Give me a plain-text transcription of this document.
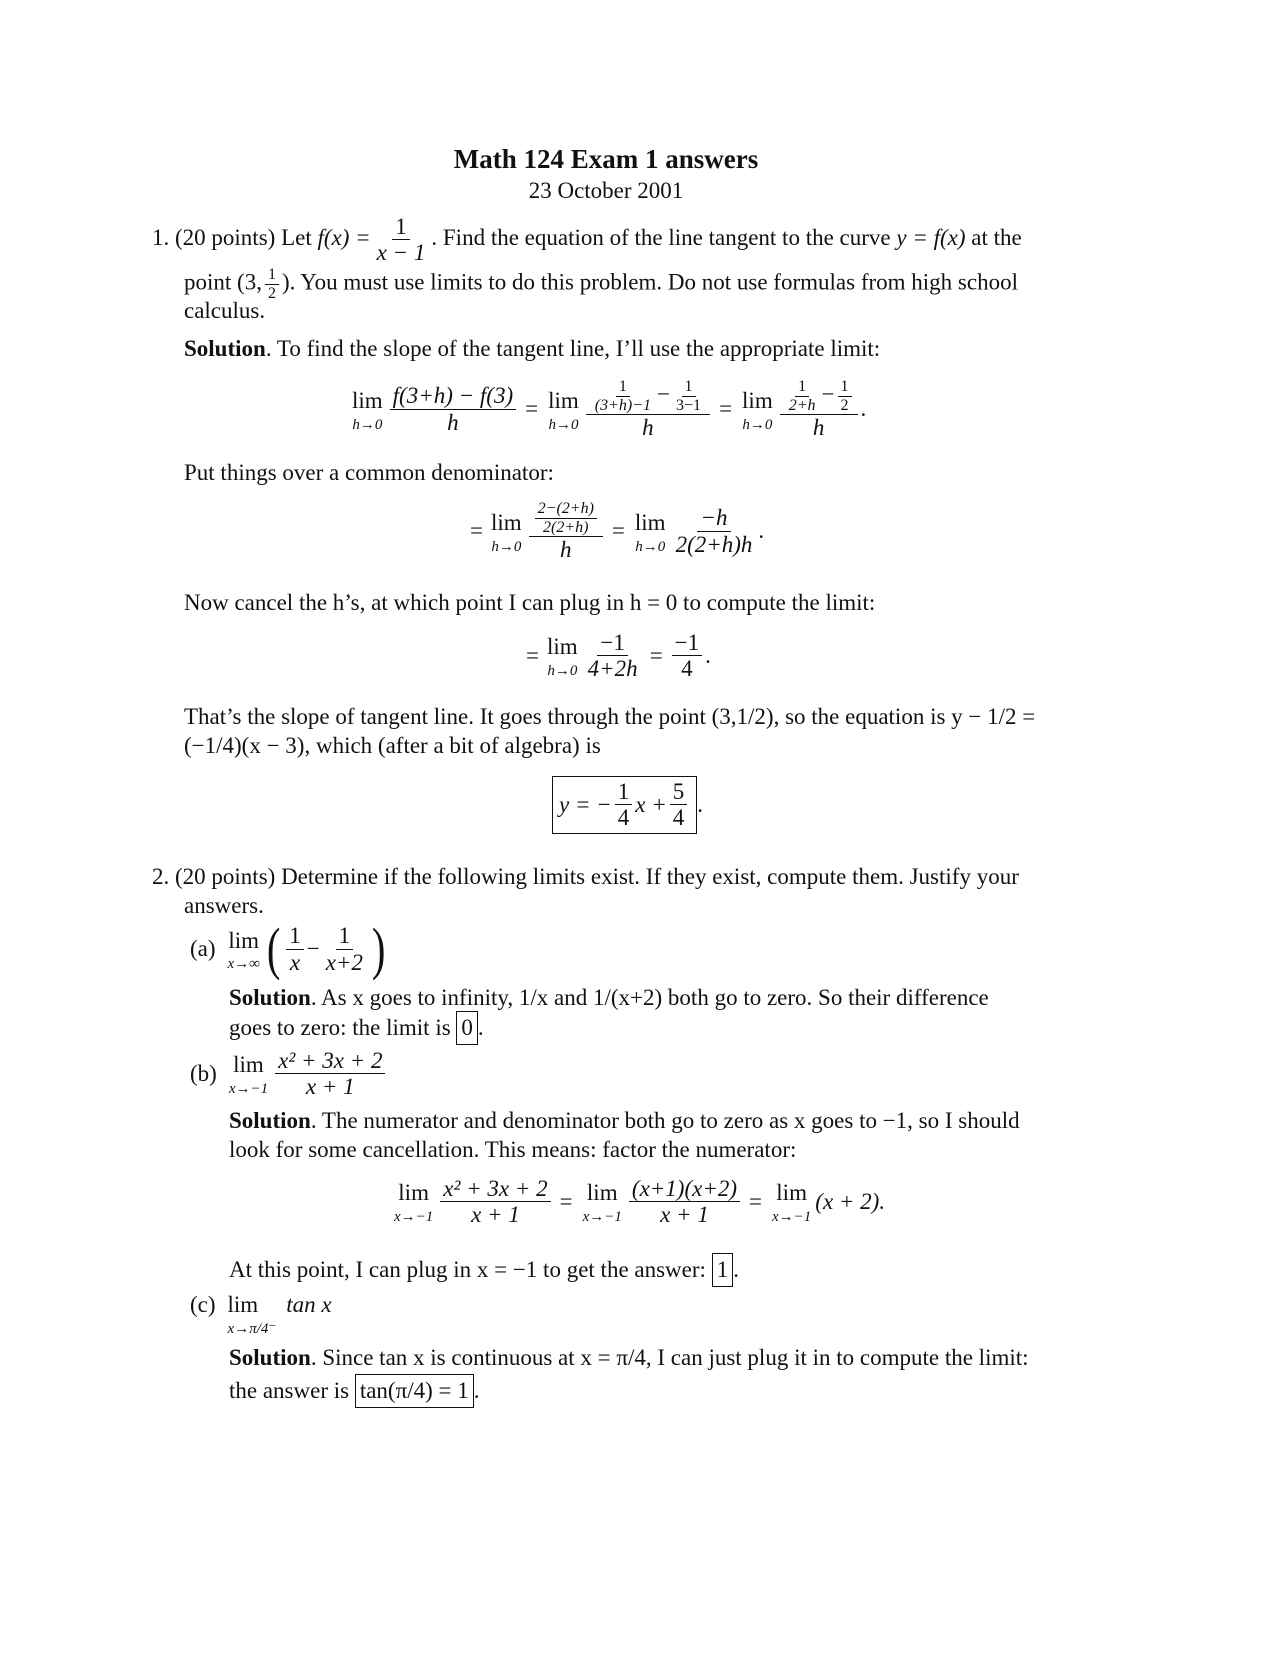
Math 124 Exam 1 answers
23 October 2001
1. (20 points) Let $f(x) = \frac{1}{x - 1}$ . Find the equation of the line tangent to the curve y = f(x) at the
point (3, $\frac{1}{2}$ ). You must use limits to do this problem. Do not use formulas from high school
calculus.
Solution. To find the slope of the tangent line, I’ll use the appropriate limit:
lim
$h\to 0 \frac{f(3+h) - f(3)}{h} = \lim$
$h\to 0 \frac{\frac{1}{(3+h)-1} - \frac{1}{3-1}}{h} = \lim$
$h\to 0 \frac{\frac{1}{2+h} - \frac{1}{2}}{h}$ .
Put things over a common denominator:
= lim
$h\to 0 \frac{\frac{2-(2+h)}{2(2+h)}}{h} = \lim$
$h\to 0 \frac{-h}{2(2+h)h}$ .
Now cancel the h’s, at which point I can plug in h = 0 to compute the limit:
= lim
$h\to 0 \frac{-1}{4+2h} = \frac{-1}{4}$ .
That’s the slope of tangent line. It goes through the point (3,1/2), so the equation is y − 1/2 =
(−1/4)(x − 3), which (after a bit of algebra) is
y = − $\frac{1}{4}$ $x + \frac{5}{4}$ .
2. (20 points) Determine if the following limits exist. If they exist, compute them. Justify your
answers.
(a) lim
x→∞ ( $\frac{1}{x} - \frac{1}{x+2}$ )
Solution. As x goes to infinity, 1/x and 1/(x+2) both go to zero. So their difference
goes to zero: the limit is 0 .
(b) lim
$x\to-1 \frac{\text{x² + 3x + 2}}{x + 1}$
Solution. The numerator and denominator both go to zero as x goes to −1, so I should
look for some cancellation. This means: factor the numerator:
lim
$x\to-1 \frac{\text{x² + 3x + 2}}{x + 1} = \lim$
$x\to-1 \frac{(x+1)(x+2)}{x + 1} = \lim$
x→−1
(x + 2).
At this point, I can plug in x = −1 to get the answer: 1 .
(c) lim
x→π/4⁻
tan x
Solution. Since tan x is continuous at x = π/4, I can just plug it in to compute the limit:
the answer is tan(π/4) = 1 .
